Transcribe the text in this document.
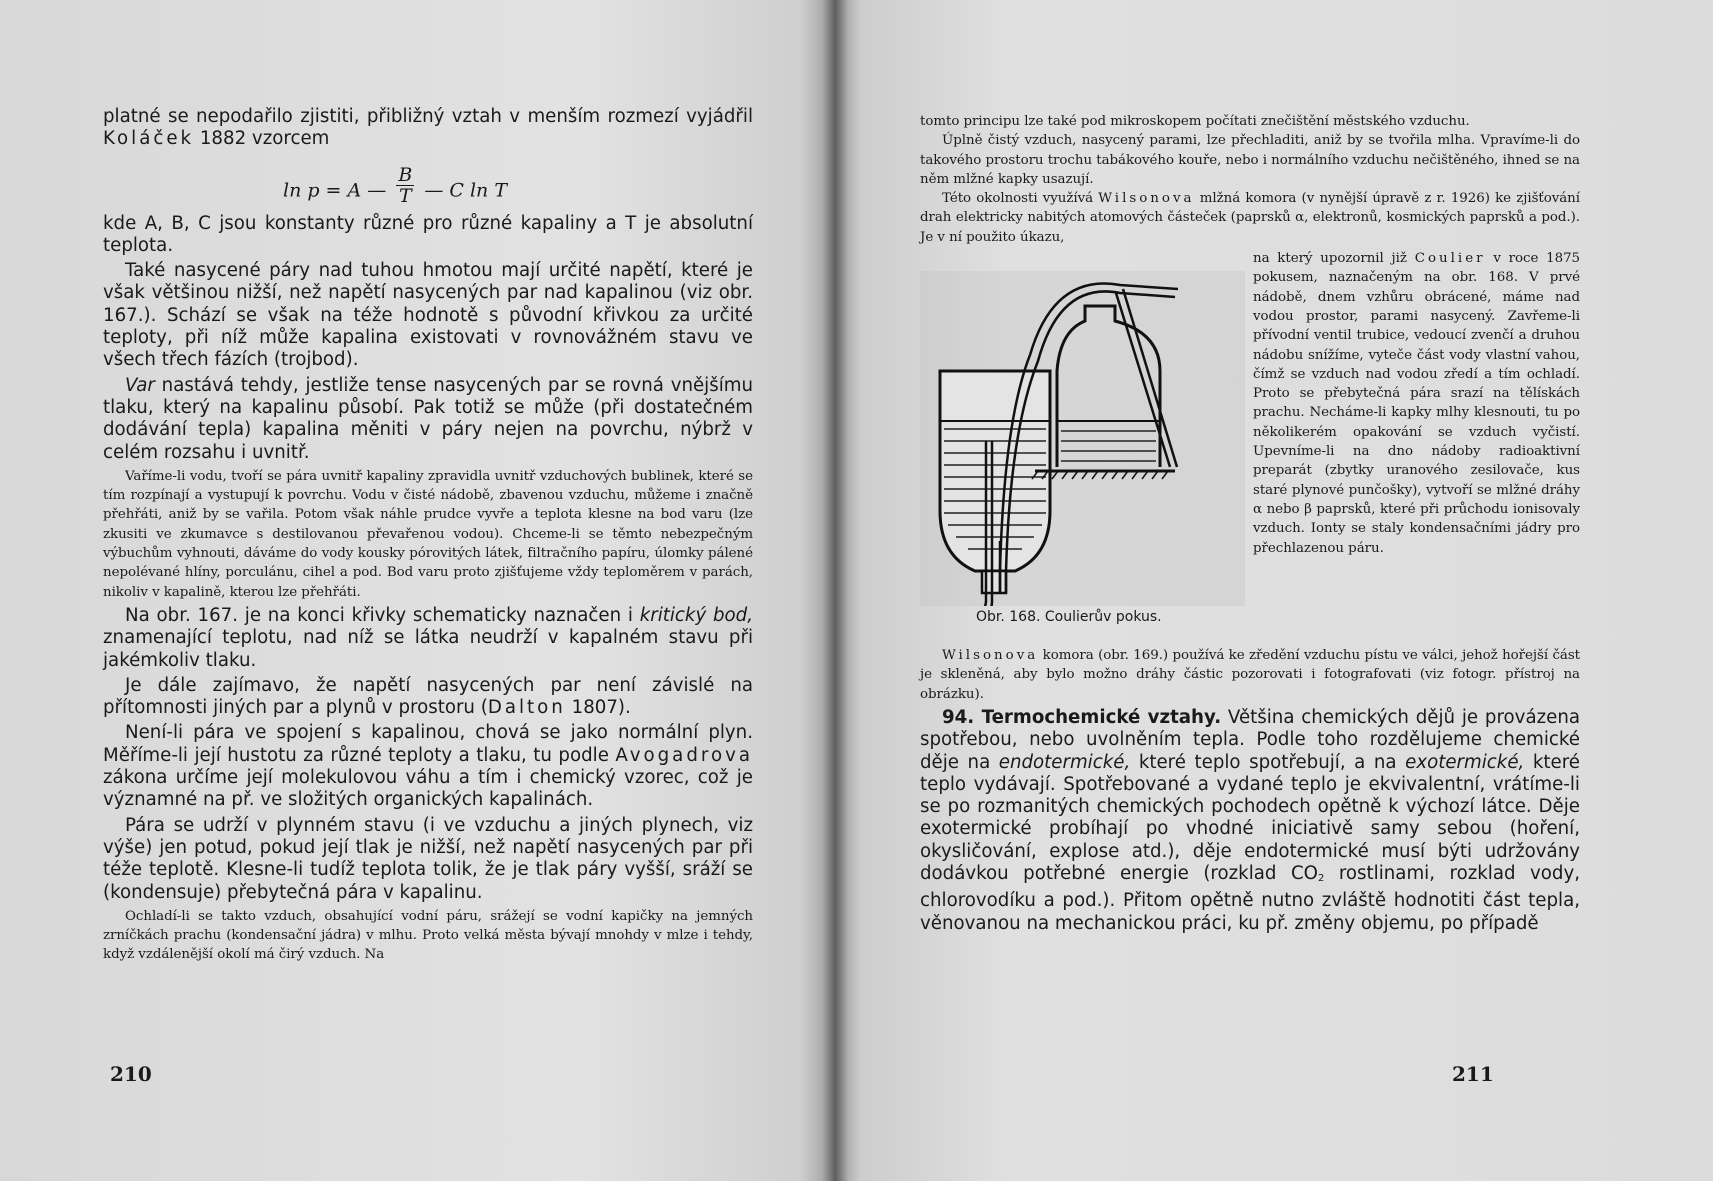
platné se nepodařilo zjistiti, přibližný vztah v menším rozmezí vyjádřil Koláček 1882 vzorcem

ln p = A — $\frac{B}{T}$ — C ln T

kde A, B, C jsou konstanty různé pro různé kapaliny a T je absolutní teplota.

Také nasycené páry nad tuhou hmotou mají určité napětí, které je však většinou nižší, než napětí nasycených par nad kapalinou (viz obr. 167.). Schází se však na téže hodnotě s původní křivkou za určité teploty, při níž může kapalina existovati v rovnovážném stavu ve všech třech fázích (trojbod).

Var nastává tehdy, jestliže tense nasycených par se rovná vnějšímu tlaku, který na kapalinu působí. Pak totiž se může (při dostatečném dodávání tepla) kapalina měniti v páry nejen na povrchu, nýbrž v celém rozsahu i uvnitř.

Vaříme-li vodu, tvoří se pára uvnitř kapaliny zpravidla uvnitř vzduchových bublinek, které se tím rozpínají a vystupují k povrchu. Vodu v čisté nádobě, zbavenou vzduchu, můžeme i značně přehřáti, aniž by se vařila. Potom však náhle prudce vyvře a teplota klesne na bod varu (lze zkusiti ve zkumavce s destilovanou převařenou vodou). Chceme-li se těmto nebezpečným výbuchům vyhnouti, dáváme do vody kousky pórovitých látek, filtračního papíru, úlomky pálené nepolévané hlíny, porculánu, cihel a pod. Bod varu proto zjišťujeme vždy teploměrem v parách, nikoliv v kapalině, kterou lze přehřáti.

Na obr. 167. je na konci křivky schematicky naznačen i kritický bod, znamenající teplotu, nad níž se látka neudrží v kapalném stavu při jakémkoliv tlaku.

Je dále zajímavo, že napětí nasycených par není závislé na přítomnosti jiných par a plynů v prostoru (Dalton 1807).

Není-li pára ve spojení s kapalinou, chová se jako normální plyn. Měříme-li její hustotu za různé teploty a tlaku, tu podle Avogadrova zákona určíme její molekulovou váhu a tím i chemický vzorec, což je významné na př. ve složitých organických kapalinách.

Pára se udrží v plynném stavu (i ve vzduchu a jiných plynech, viz výše) jen potud, pokud její tlak je nižší, než napětí nasycených par při téže teplotě. Klesne-li tudíž teplota tolik, že je tlak páry vyšší, sráží se (kondensuje) přebytečná pára v kapalinu.

Ochladí-li se takto vzduch, obsahující vodní páru, srážejí se vodní kapičky na jemných zrníčkách prachu (kondensační jádra) v mlhu. Proto velká města bývají mnohdy v mlze i tehdy, když vzdálenější okolí má čirý vzduch. Na

210

tomto principu lze také pod mikroskopem počítati znečištění městského vzduchu.

Úplně čistý vzduch, nasycený parami, lze přechladiti, aniž by se tvořila mlha. Vpravíme-li do takového prostoru trochu tabákového kouře, nebo i normálního vzduchu nečištěného, ihned se na něm mlžné kapky usazují.

Této okolnosti využívá Wilsonova mlžná komora (v nynější úpravě z r. 1926) ke zjišťování drah elektricky nabitých atomových částeček (paprsků α, elektronů, kosmických paprsků a pod.). Je v ní použito úkazu,

Obr. 168. Coulierův pokus.
na který upozornil již Coulier v roce 1875 pokusem, naznačeným na obr. 168. V prvé nádobě, dnem vzhůru obrácené, máme nad vodou prostor, parami nasycený. Zavřeme-li přívodní ventil trubice, vedoucí zvenčí a druhou nádobu snížíme, vyteče část vody vlastní vahou, čímž se vzduch nad vodou zředí a tím ochladí. Proto se přebytečná pára srazí na tělískách prachu. Necháme-li kapky mlhy klesnouti, tu po několikerém opakování se vzduch vyčistí. Upevníme-li na dno nádoby radioaktivní preparát (zbytky uranového zesilovače, kus staré plynové punčošky), vytvoří se mlžné dráhy α nebo β paprsků, které při průchodu ionisovaly vzduch. Ionty se staly kondensačními jádry pro přechlazenou páru.

Wilsonova komora (obr. 169.) používá ke zředění vzduchu pístu ve válci, jehož hořejší část je skleněná, aby bylo možno dráhy částic pozorovati i fotografovati (viz fotogr. přístroj na obrázku).

94. Termochemické vztahy. Většina chemických dějů je provázena spotřebou, nebo uvolněním tepla. Podle toho rozdělujeme chemické děje na endotermické, které teplo spotřebují, a na exotermické, které teplo vydávají. Spotřebované a vydané teplo je ekvivalentní, vrátíme-li se po rozmanitých chemických pochodech opětně k výchozí látce. Děje exotermické probíhají po vhodné iniciativě samy sebou (hoření, okysličování, explose atd.), děje endotermické musí býti udržovány dodávkou potřebné energie (rozklad $CO_2$ rostlinami, rozklad vody, chlorovodíku a pod.). Přitom opětně nutno zvláště hodnotiti část tepla, věnovanou na mechanickou práci, ku př. změny objemu, po případě

211
